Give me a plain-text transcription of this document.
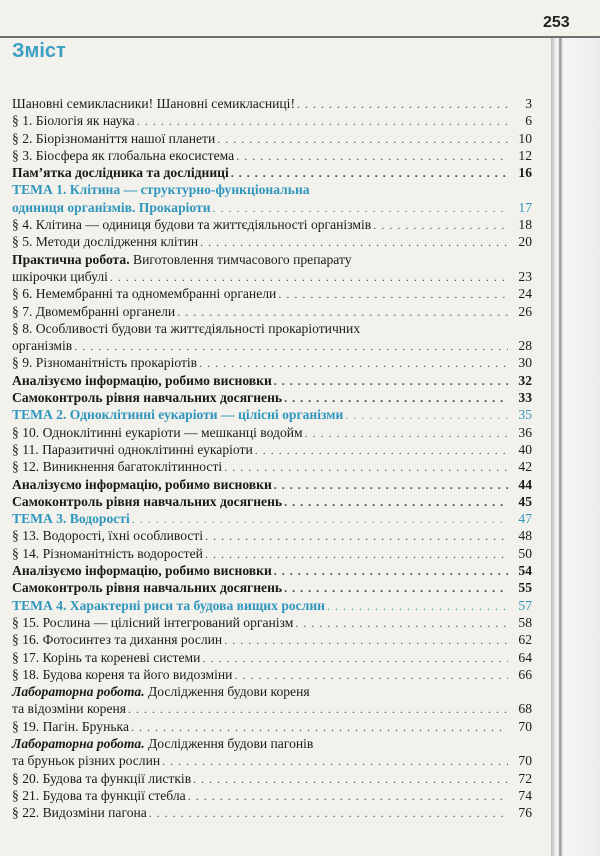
253
Зміст
Шановні семикласники! Шановні семикласниці! . . .	3
§ 1. Біологія як наука . . .	6
§ 2. Біорізноманіття нашої планети . . .	10
§ 3. Біосфера як глобальна екосистема . . .	12
Пам’ятка дослідника та дослідниці . . .	16
ТЕМА 1. Клітина — структурно-функціональна
одиниця організмів. Прокаріоти . . .	17
§ 4. Клітина — одиниця будови та життєдіяльності організмів . . .	18
§ 5. Методи дослідження клітин . . .	20
Практична робота. Виготовлення тимчасового препарату
шкірочки цибулі . . .	23
§ 6. Немембранні та одномембранні органели . . .	24
§ 7. Двомембранні органели . . .	26
§ 8. Особливості будови та життєдіяльності прокаріотичних
організмів . . .	28
§ 9. Різноманітність прокаріотів . . .	30
Аналізуємо інформацію, робимо висновки . . .	32
Самоконтроль рівня навчальних досягнень . . .	33
ТЕМА 2. Одноклітинні еукаріоти — цілісні організми . . .	35
§ 10. Одноклітинні еукаріоти — мешканці водойм . . .	36
§ 11. Паразитичні одноклітинні еукаріоти . . .	40
§ 12. Виникнення багатоклітинності . . .	42
Аналізуємо інформацію, робимо висновки . . .	44
Самоконтроль рівня навчальних досягнень . . .	45
ТЕМА 3. Водорості . . .	47
§ 13. Водорості, їхні особливості . . .	48
§ 14. Різноманітність водоростей . . .	50
Аналізуємо інформацію, робимо висновки . . .	54
Самоконтроль рівня навчальних досягнень . . .	55
ТЕМА 4. Характерні риси та будова вищих рослин . . .	57
§ 15. Рослина — цілісний інтегрований організм . . .	58
§ 16. Фотосинтез та дихання рослин . . .	62
§ 17. Корінь та кореневі системи . . .	64
§ 18. Будова кореня та його видозміни . . .	66
Лабораторна робота. Дослідження будови кореня
та відозміни кореня . . .	68
§ 19. Пагін. Брунька . . .	70
Лабораторна робота. Дослідження будови пагонів
та бруньок різних рослин . . .	70
§ 20. Будова та функції листків . . .	72
§ 21. Будова та функції стебла . . .	74
§ 22. Видозміни пагона . . .	76
